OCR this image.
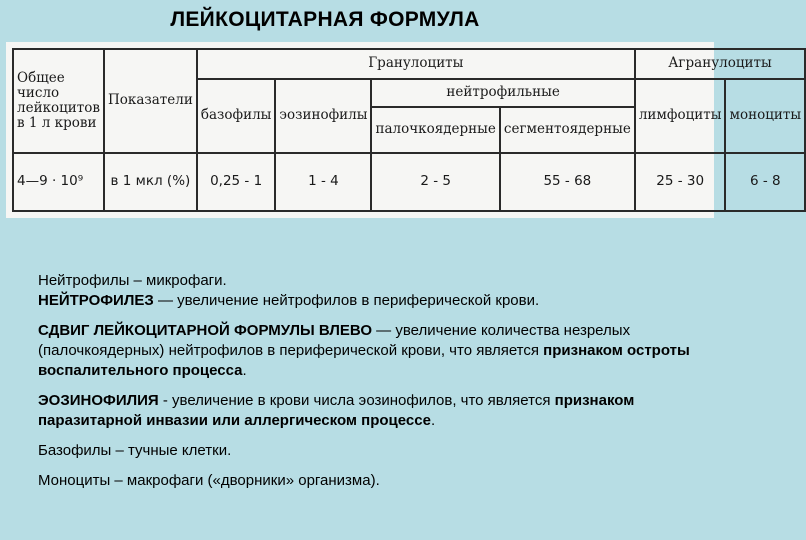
ЛЕЙКОЦИТАРНАЯ ФОРМУЛА
Общее число лейкоцитов в 1 л крови	Показатели	Гранулоциты				Агранулоциты	
		базофилы	эозинофилы	нейтрофильные		лимфоциты	моноциты
				палочкоядерные	сегментоядерные		
4—9 · 10⁹	в 1 мкл (%)	0,25 - 1	1 - 4	2 - 5	55 - 68	25 - 30	6 - 8

Нейтрофилы – микрофаги.

НЕЙТРОФИЛЕЗ — увеличение нейтрофилов в периферической крови.

СДВИГ ЛЕЙКОЦИТАРНОЙ ФОРМУЛЫ ВЛЕВО — увеличение количества незрелых (палочкоядерных) нейтрофилов в периферической крови, что является признаком остроты воспалительного процесса.

ЭОЗИНОФИЛИЯ - увеличение в крови числа эозинофилов, что является признаком паразитарной инвазии или аллергическом процессе.

Базофилы – тучные клетки.

Моноциты – макрофаги («дворники» организма).
